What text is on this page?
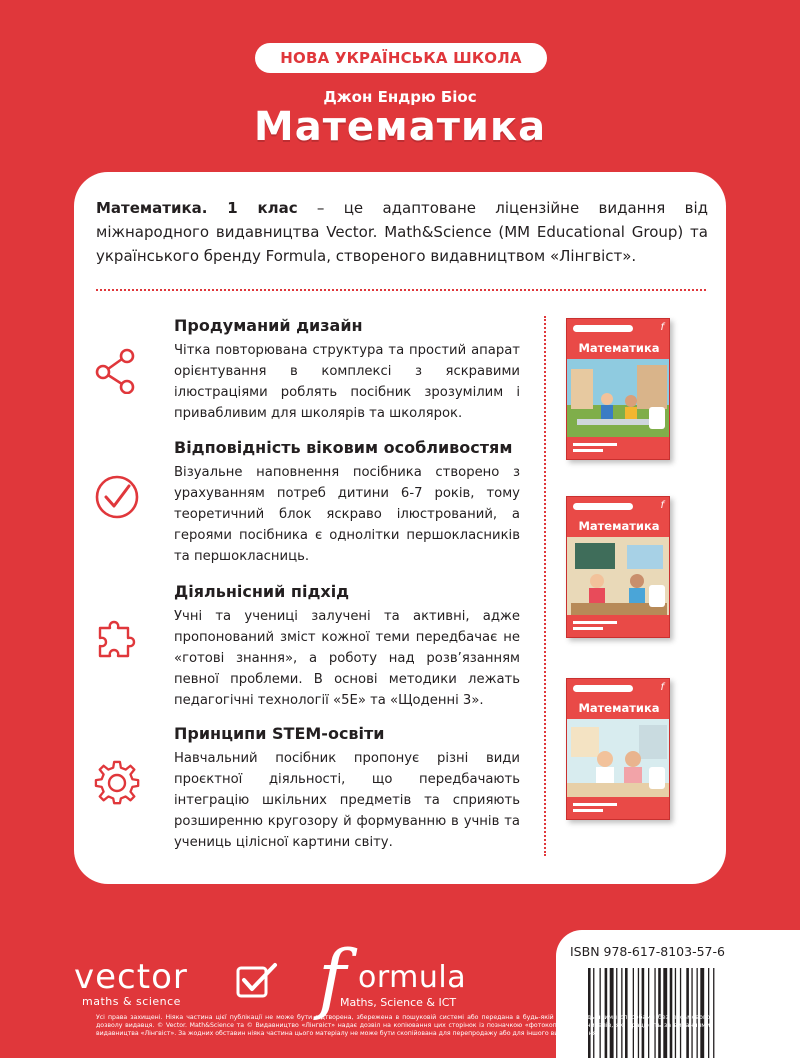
НОВА УКРАЇНСЬКА ШКОЛА
Джон Ендрю Біос
Математика
Математика. 1 клас – це адаптоване ліцензійне видання від міжнародного видавництва Vector. Math&Science (MM Educational Group) та українського бренду Formula, створеного видавництвом «Лінгвіст».
Продуманий дизайн

Чітка повторювана структура та простий апарат орієнтування в комплексі з яскравими ілюстраціями роблять посібник зрозумілим і привабливим для школярів та школярок.

Відповідність віковим особливостям

Візуальне наповнення посібника створено з урахуванням потреб дитини 6-7 років, тому теоретичний блок яскраво ілюстрований, а героями посібника є однолітки першокласників та першокласниць.

Діяльнісний підхід

Учні та учениці залучені та активні, адже пропонований зміст кожної теми передбачає не «готові знання», а роботу над розв’язанням певної проблеми. В основі методики лежать педагогічні технології «5Е» та «Щоденні 3».

Принципи STEM-освіти

Навчальний посібник пропонує різні види проєктної діяльності, що передбачають інтеграцію шкільних предметів та сприяють розширенню кругозору й формуванню в учнів та учениць цілісної картини світу.

f
Математика
f
Математика
f
Математика
vector
maths & science f ormula
Maths, Science & ICT
ISBN 978-617-8103-57-6
Усі права захищені. Ніяка частина цієї публікації не може бути відтворена, збережена в пошуковій системі або передана в будь-якій формі будь-якими способами без письмового дозволу видавця. © Vector. Math&Science та © Видавництво «Лінгвіст» надає дозвіл на копіювання цих сторінок із позначкою «фотокопія» для вчителів, які працюють за виданнями видавництва «Лінгвіст». За жодних обставин ніяка частина цього матеріалу не може бути скопійована для перепродажу або для іншого використання.
